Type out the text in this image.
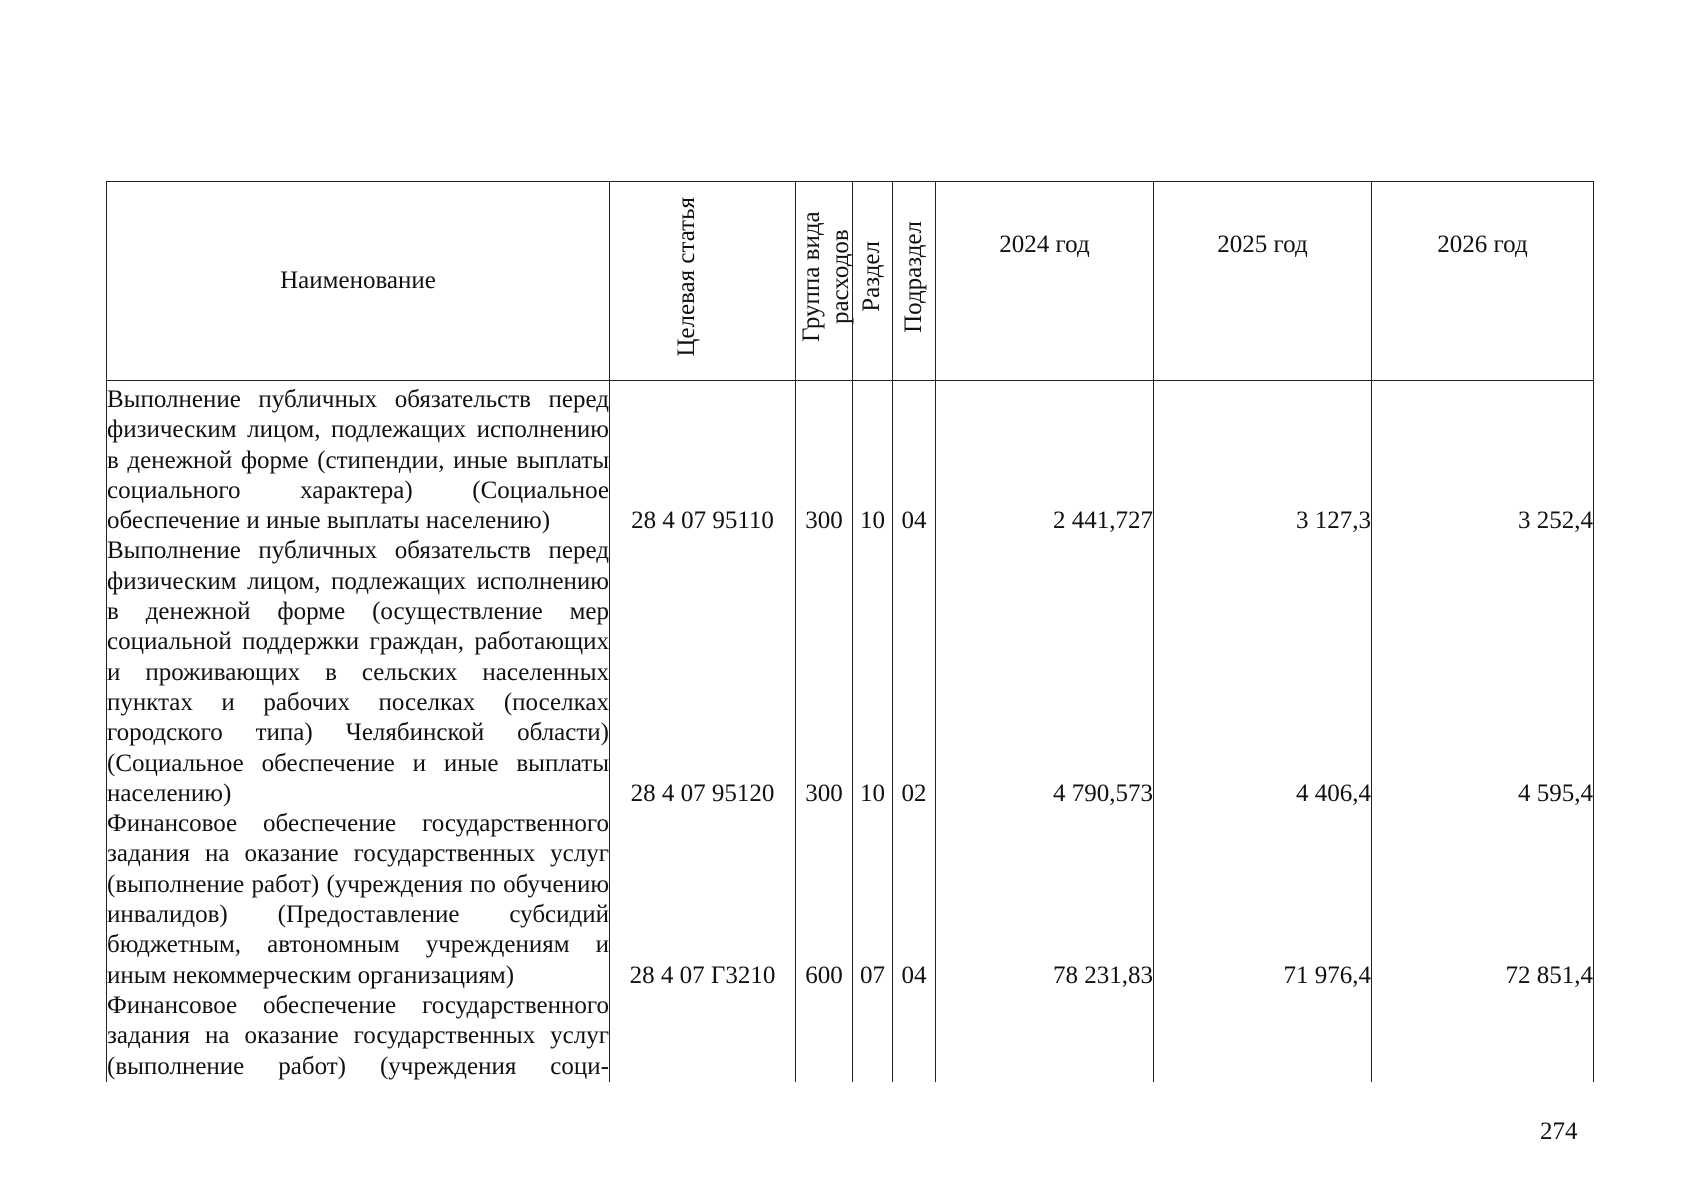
Наименование	Целевая статья	Группа вида расходов	Раздел	Подраздел	2024 год	2025 год	2026 год
Выполнение публичных обязательств перед физическим лицом, подлежащих исполнению в денежной форме (стипендии, иные выплаты социального характера) (Социальное обеспечение и иные выплаты населению)	28 4 07 95110	300	10	04	2 441,727	3 127,3	3 252,4
Выполнение публичных обязательств перед физическим лицом, подлежащих исполнению в денежной форме (осуществление мер социальной поддержки граждан, работающих и проживающих в сельских населенных пунктах и рабочих поселках (поселках городского типа) Челябинской области) (Социальное обеспечение и иные выплаты населению)	28 4 07 95120	300	10	02	4 790,573	4 406,4	4 595,4
Финансовое обеспечение государственного задания на оказание государственных услуг (выполнение работ) (учреждения по обучению инвалидов) (Предоставление субсидий бюджетным, автономным учреждениям и иным некоммерческим организациям)	28 4 07 Г3210	600	07	04	78 231,83	71 976,4	72 851,4
Финансовое обеспечение государственного задания на оказание государственных услуг (выполнение работ) (учреждения соци-							
274
